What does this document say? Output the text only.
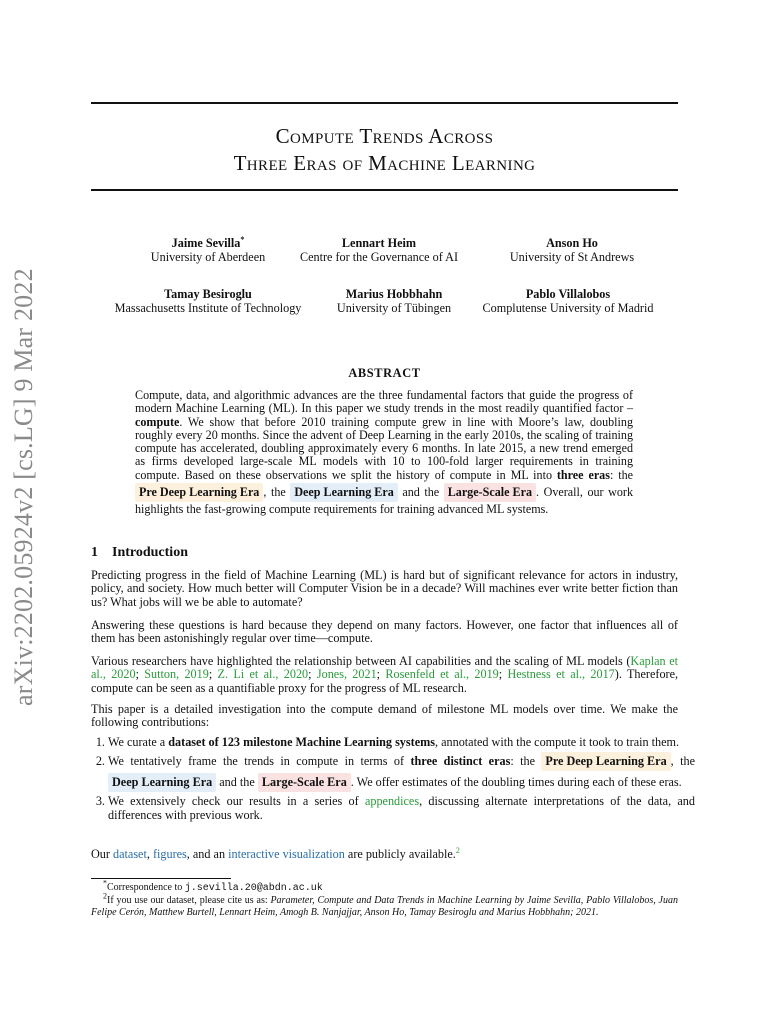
arXiv:2202.05924v2 [cs.LG] 9 Mar 2022
Compute Trends Across
Three Eras of Machine Learning
Jaime Sevilla*
University of Aberdeen
Lennart Heim
Centre for the Governance of AI
Anson Ho
University of St Andrews
Tamay Besiroglu
Massachusetts Institute of Technology
Marius Hobbhahn
University of Tübingen
Pablo Villalobos
Complutense University of Madrid
ABSTRACT
Compute, data, and algorithmic advances are the three fundamental factors that guide the progress of modern Machine Learning (ML). In this paper we study trends in the most readily quantified factor – compute. We show that before 2010 training compute grew in line with Moore’s law, doubling roughly every 20 months. Since the advent of Deep Learning in the early 2010s, the scaling of training compute has accelerated, doubling approximately every 6 months. In late 2015, a new trend emerged as firms developed large-scale ML models with 10 to 100-fold larger requirements in training compute. Based on these observations we split the history of compute in ML into three eras: the Pre Deep Learning Era , the Deep Learning Era and the Large-Scale Era . Overall, our work highlights the fast-growing compute requirements for training advanced ML systems.
1 Introduction
Predicting progress in the field of Machine Learning (ML) is hard but of significant relevance for actors in industry, policy, and society. How much better will Computer Vision be in a decade? Will machines ever write better fiction than us? What jobs will we be able to automate?
Answering these questions is hard because they depend on many factors. However, one factor that influences all of them has been astonishingly regular over time—compute.
Various researchers have highlighted the relationship between AI capabilities and the scaling of ML models (Kaplan et al., 2020; Sutton, 2019; Z. Li et al., 2020; Jones, 2021; Rosenfeld et al., 2019; Hestness et al., 2017). Therefore, compute can be seen as a quantifiable proxy for the progress of ML research.
This paper is a detailed investigation into the compute demand of milestone ML models over time. We make the following contributions:
1. We curate a dataset of 123 milestone Machine Learning systems, annotated with the compute it took to train them.
2. We tentatively frame the trends in compute in terms of three distinct eras: the Pre Deep Learning Era , the Deep Learning Era and the Large-Scale Era . We offer estimates of the doubling times during each of these eras.
3. We extensively check our results in a series of appendices, discussing alternate interpretations of the data, and differences with previous work.
Our dataset, figures, and an interactive visualization are publicly available.$^2$
*Correspondence to j.sevilla.20@abdn.ac.uk
$^2$If you use our dataset, please cite us as: Parameter, Compute and Data Trends in Machine Learning by Jaime Sevilla, Pablo Villalobos, Juan Felipe Cerón, Matthew Burtell, Lennart Heim, Amogh B. Nanjajjar, Anson Ho, Tamay Besiroglu and Marius Hobbhahn; 2021.
